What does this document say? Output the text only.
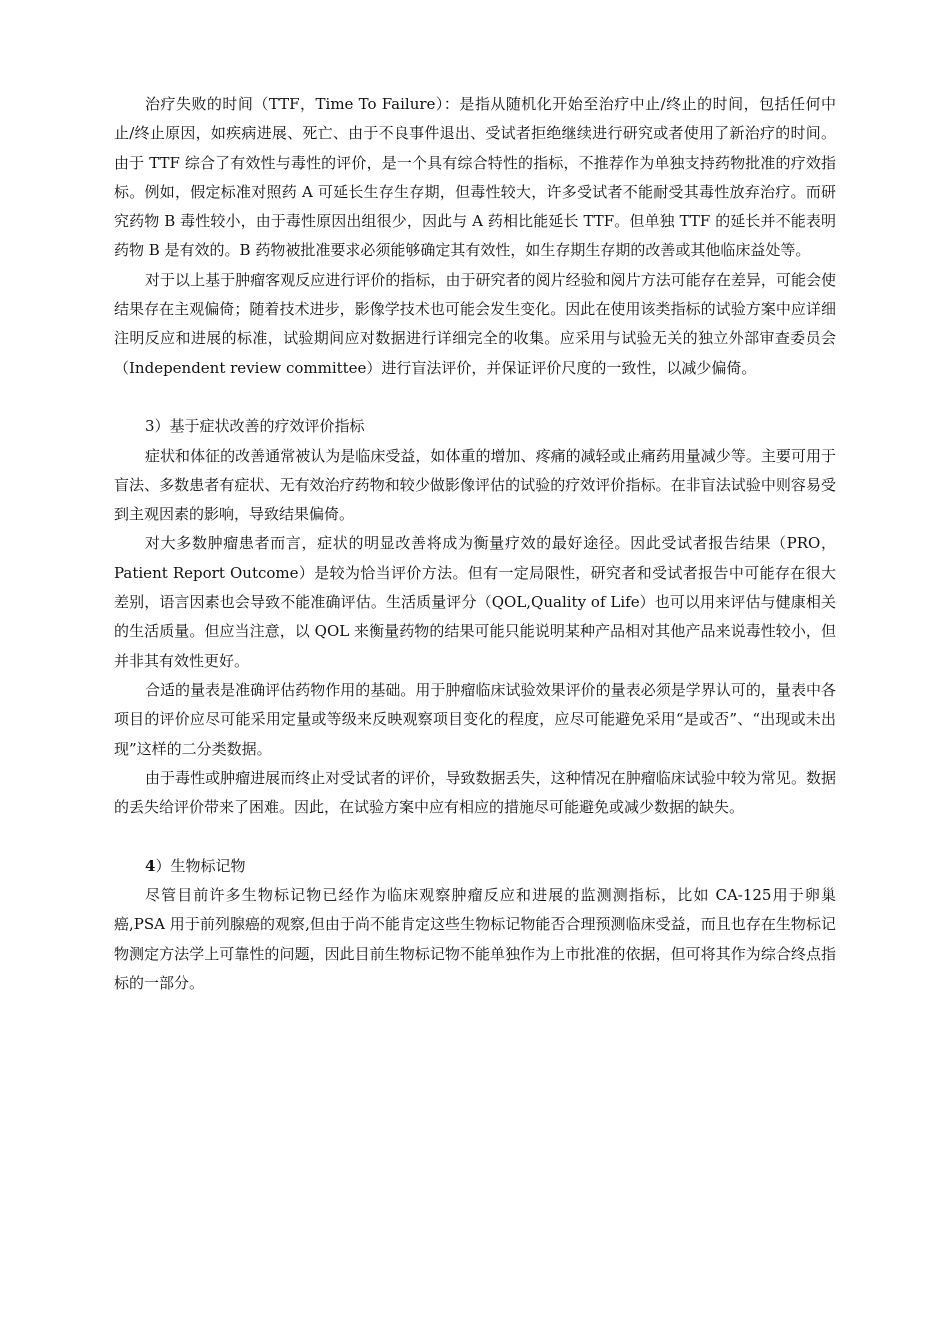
治疗失败的时间（TTF，Time To Failure）：是指从随机化开始至治疗中止/终止的时间，包括任何中止/终止原因，如疾病进展、死亡、由于不良事件退出、受试者拒绝继续进行研究或者使用了新治疗的时间。由于 TTF 综合了有效性与毒性的评价，是一个具有综合特性的指标，不推荐作为单独支持药物批准的疗效指标。例如，假定标准对照药 A 可延长生存生存期，但毒性较大，许多受试者不能耐受其毒性放弃治疗。而研究药物 B 毒性较小，由于毒性原因出组很少，因此与 A 药相比能延长 TTF。但单独 TTF 的延长并不能表明药物 B 是有效的。B 药物被批准要求必须能够确定其有效性，如生存期生存期的改善或其他临床益处等。

对于以上基于肿瘤客观反应进行评价的指标，由于研究者的阅片经验和阅片方法可能存在差异，可能会使结果存在主观偏倚；随着技术进步，影像学技术也可能会发生变化。因此在使用该类指标的试验方案中应详细注明反应和进展的标准，试验期间应对数据进行详细完全的收集。应采用与试验无关的独立外部审查委员会（Independent review committee）进行盲法评价，并保证评价尺度的一致性，以减少偏倚。

3）基于症状改善的疗效评价指标

症状和体征的改善通常被认为是临床受益，如体重的增加、疼痛的减轻或止痛药用量减少等。主要可用于盲法、多数患者有症状、无有效治疗药物和较少做影像评估的试验的疗效评价指标。在非盲法试验中则容易受到主观因素的影响，导致结果偏倚。

对大多数肿瘤患者而言，症状的明显改善将成为衡量疗效的最好途径。因此受试者报告结果（PRO，Patient Report Outcome）是较为恰当评价方法。但有一定局限性，研究者和受试者报告中可能存在很大差别，语言因素也会导致不能准确评估。生活质量评分（QOL,Quality of Life）也可以用来评估与健康相关的生活质量。但应当注意，以 QOL 来衡量药物的结果可能只能说明某种产品相对其他产品来说毒性较小，但并非其有效性更好。

合适的量表是准确评估药物作用的基础。用于肿瘤临床试验效果评价的量表必须是学界认可的，量表中各项目的评价应尽可能采用定量或等级来反映观察项目变化的程度，应尽可能避免采用“是或否”、“出现或未出现”这样的二分类数据。

由于毒性或肿瘤进展而终止对受试者的评价，导致数据丢失，这种情况在肿瘤临床试验中较为常见。数据的丢失给评价带来了困难。因此，在试验方案中应有相应的措施尽可能避免或减少数据的缺失。

4）生物标记物

尽管目前许多生物标记物已经作为临床观察肿瘤反应和进展的监测测指标，比如 CA-125用于卵巢癌,PSA 用于前列腺癌的观察,但由于尚不能肯定这些生物标记物能否合理预测临床受益，而且也存在生物标记物测定方法学上可靠性的问题，因此目前生物标记物不能单独作为上市批准的依据，但可将其作为综合终点指标的一部分。
